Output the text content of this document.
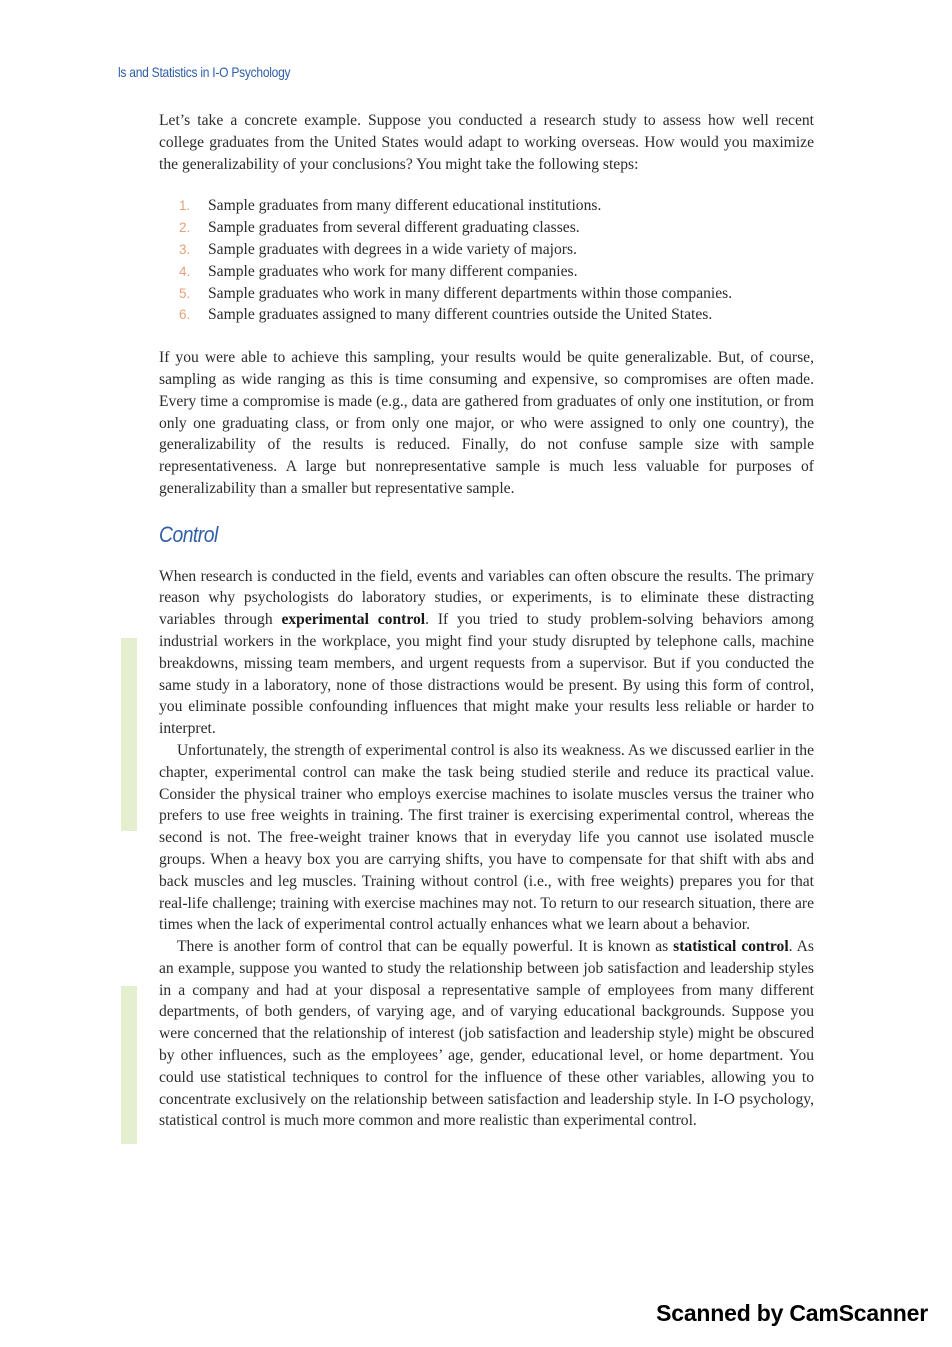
ls and Statistics in I-O Psychology

Let’s take a concrete example. Suppose you conducted a research study to assess how well recent college graduates from the United States would adapt to working overseas. How would you maximize the generalizability of your conclusions? You might take the following steps:

1.	Sample graduates from many different educational institutions.
2.	Sample graduates from several different graduating classes.
3.	Sample graduates with degrees in a wide variety of majors.
4.	Sample graduates who work for many different companies.
5.	Sample graduates who work in many different departments within those companies.
6.	Sample graduates assigned to many different countries outside the United States.

If you were able to achieve this sampling, your results would be quite generalizable. But, of course, sampling as wide ranging as this is time consuming and expensive, so compromises are often made. Every time a compromise is made (e.g., data are gathered from graduates of only one institution, or from only one graduating class, or from only one major, or who were assigned to only one country), the generalizability of the results is reduced. Finally, do not confuse sample size with sample representativeness. A large but nonrepresentative sample is much less valuable for purposes of generalizability than a smaller but representative sample.

Control

When research is conducted in the field, events and variables can often obscure the results. The primary reason why psychologists do laboratory studies, or experiments, is to eliminate these distracting variables through experimental control. If you tried to study problem-solving behaviors among industrial workers in the workplace, you might find your study disrupted by telephone calls, machine breakdowns, missing team members, and urgent requests from a supervisor. But if you conducted the same study in a laboratory, none of those distractions would be present. By using this form of control, you eliminate possible confounding influences that might make your results less reliable or harder to interpret.

Unfortunately, the strength of experimental control is also its weakness. As we discussed earlier in the chapter, experimental control can make the task being studied sterile and reduce its practical value. Consider the physical trainer who employs exercise machines to isolate muscles versus the trainer who prefers to use free weights in training. The first trainer is exercising experimental control, whereas the second is not. The free-weight trainer knows that in everyday life you cannot use isolated muscle groups. When a heavy box you are carrying shifts, you have to compensate for that shift with abs and back muscles and leg muscles. Training without control (i.e., with free weights) prepares you for that real-life challenge; training with exercise machines may not. To return to our research situation, there are times when the lack of experimental control actually enhances what we learn about a behavior.

There is another form of control that can be equally powerful. It is known as statistical control. As an example, suppose you wanted to study the relationship between job satisfaction and leadership styles in a company and had at your disposal a representative sample of employees from many different departments, of both genders, of varying age, and of varying educational backgrounds. Suppose you were concerned that the relationship of interest (job satisfaction and leadership style) might be obscured by other influences, such as the employees’ age, gender, educational level, or home department. You could use statistical techniques to control for the influence of these other variables, allowing you to concentrate exclusively on the relationship between satisfaction and leadership style. In I-O psychology, statistical control is much more common and more realistic than experimental control.

Scanned by CamScanner
